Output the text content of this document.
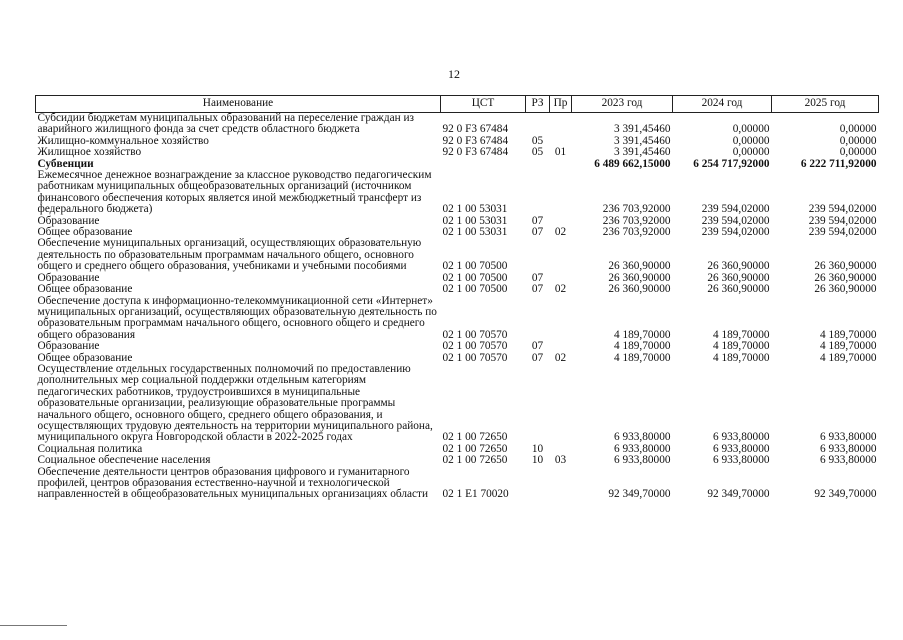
12
Наименование	ЦСТ	РЗ	Пр	2023 год	2024 год	2025 год
Субсидии бюджетам муниципальных образований на переселение граждан из аварийного жилищного фонда за счет средств областного бюджета	92 0 F3 67484			3 391,45460	0,00000	0,00000
Жилищно-коммунальное хозяйство	92 0 F3 67484	05		3 391,45460	0,00000	0,00000
Жилищное хозяйство	92 0 F3 67484	05	01	3 391,45460	0,00000	0,00000
Субвенции				6 489 662,15000	6 254 717,92000	6 222 711,92000
Ежемесячное денежное вознаграждение за классное руководство педагогическим работникам муниципальных общеобразовательных организаций (источником финансового обеспечения которых является иной межбюджетный трансферт из федерального бюджета)	02 1 00 53031			236 703,92000	239 594,02000	239 594,02000
Образование	02 1 00 53031	07		236 703,92000	239 594,02000	239 594,02000
Общее образование	02 1 00 53031	07	02	236 703,92000	239 594,02000	239 594,02000
Обеспечение муниципальных организаций, осуществляющих образовательную деятельность по образовательным программам начального общего, основного общего и среднего общего образования, учебниками и учебными пособиями	02 1 00 70500			26 360,90000	26 360,90000	26 360,90000
Образование	02 1 00 70500	07		26 360,90000	26 360,90000	26 360,90000
Общее образование	02 1 00 70500	07	02	26 360,90000	26 360,90000	26 360,90000
Обеспечение доступа к информационно-телекоммуникационной сети «Интернет» муниципальных организаций, осуществляющих образовательную деятельность по образовательным программам начального общего, основного общего и среднего общего образования	02 1 00 70570			4 189,70000	4 189,70000	4 189,70000
Образование	02 1 00 70570	07		4 189,70000	4 189,70000	4 189,70000
Общее образование	02 1 00 70570	07	02	4 189,70000	4 189,70000	4 189,70000
Осуществление отдельных государственных полномочий по предоставлению дополнительных мер социальной поддержки отдельным категориям педагогических работников, трудоустроившихся в муниципальные образовательные организации, реализующие образовательные программы начального общего, основного общего, среднего общего образования, и осуществляющих трудовую деятельность на территории муниципального района, муниципального округа Новгородской области в 2022-2025 годах	02 1 00 72650			6 933,80000	6 933,80000	6 933,80000
Социальная политика	02 1 00 72650	10		6 933,80000	6 933,80000	6 933,80000
Социальное обеспечение населения	02 1 00 72650	10	03	6 933,80000	6 933,80000	6 933,80000
Обеспечение деятельности центров образования цифрового и гуманитарного профилей, центров образования естественно-научной и технологической направленностей в общеобразовательных муниципальных организациях области	02 1 E1 70020			92 349,70000	92 349,70000	92 349,70000
